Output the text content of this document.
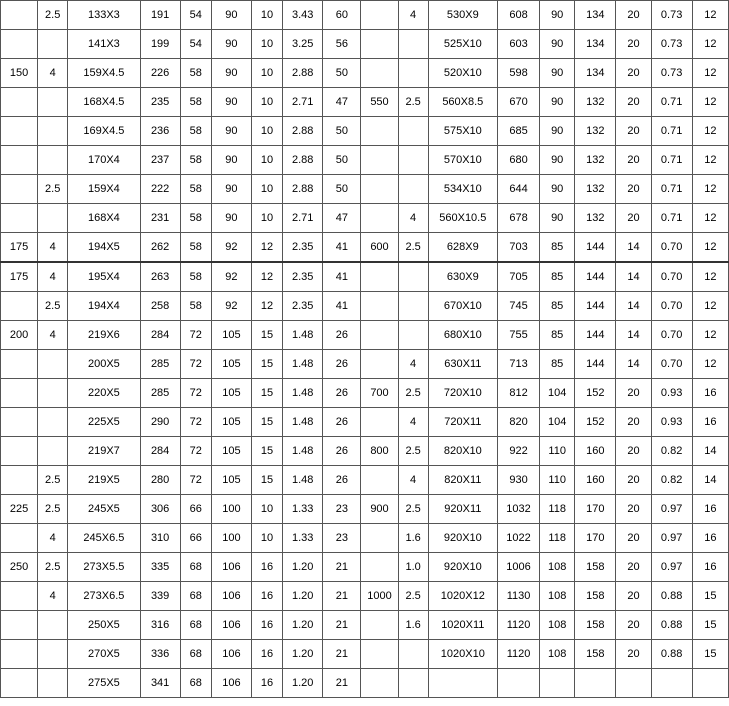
	2.5	133X3	191	54	90	10	3.43	60		4	530X9	608	90	134	20	0.73	12
		141X3	199	54	90	10	3.25	56			525X10	603	90	134	20	0.73	12
150	4	159X4.5	226	58	90	10	2.88	50			520X10	598	90	134	20	0.73	12
		168X4.5	235	58	90	10	2.71	47	550	2.5	560X8.5	670	90	132	20	0.71	12
		169X4.5	236	58	90	10	2.88	50			575X10	685	90	132	20	0.71	12
		170X4	237	58	90	10	2.88	50			570X10	680	90	132	20	0.71	12
	2.5	159X4	222	58	90	10	2.88	50			534X10	644	90	132	20	0.71	12
		168X4	231	58	90	10	2.71	47		4	560X10.5	678	90	132	20	0.71	12
175	4	194X5	262	58	92	12	2.35	41	600	2.5	628X9	703	85	144	14	0.70	12
175	4	195X4	263	58	92	12	2.35	41			630X9	705	85	144	14	0.70	12
	2.5	194X4	258	58	92	12	2.35	41			670X10	745	85	144	14	0.70	12
200	4	219X6	284	72	105	15	1.48	26			680X10	755	85	144	14	0.70	12
		200X5	285	72	105	15	1.48	26		4	630X11	713	85	144	14	0.70	12
		220X5	285	72	105	15	1.48	26	700	2.5	720X10	812	104	152	20	0.93	16
		225X5	290	72	105	15	1.48	26		4	720X11	820	104	152	20	0.93	16
		219X7	284	72	105	15	1.48	26	800	2.5	820X10	922	110	160	20	0.82	14
	2.5	219X5	280	72	105	15	1.48	26		4	820X11	930	110	160	20	0.82	14
225	2.5	245X5	306	66	100	10	1.33	23	900	2.5	920X11	1032	118	170	20	0.97	16
	4	245X6.5	310	66	100	10	1.33	23		1.6	920X10	1022	118	170	20	0.97	16
250	2.5	273X5.5	335	68	106	16	1.20	21		1.0	920X10	1006	108	158	20	0.97	16
	4	273X6.5	339	68	106	16	1.20	21	1000	2.5	1020X12	1130	108	158	20	0.88	15
		250X5	316	68	106	16	1.20	21		1.6	1020X11	1120	108	158	20	0.88	15
		270X5	336	68	106	16	1.20	21			1020X10	1120	108	158	20	0.88	15
		275X5	341	68	106	16	1.20	21									
